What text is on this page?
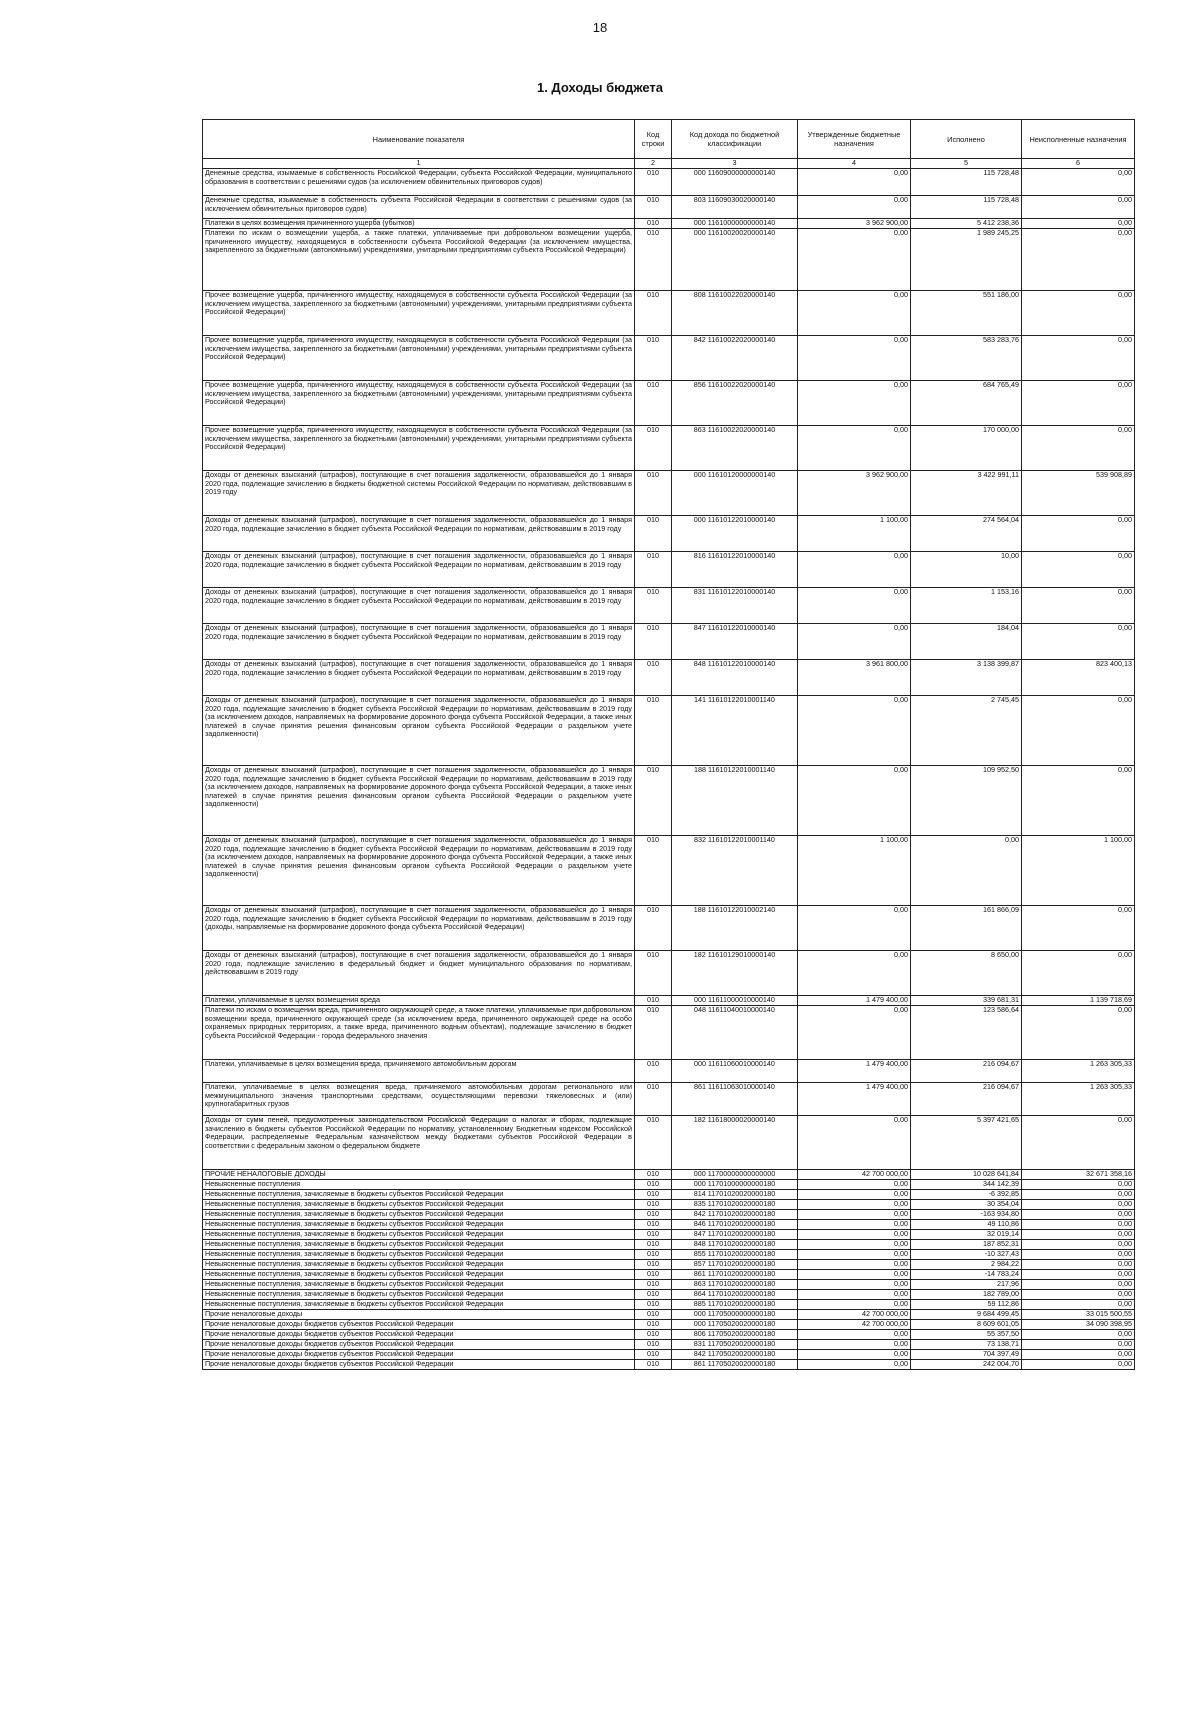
18
1. Доходы бюджета
Наименование показателя	Код строки	Код дохода по бюджетной классификации	Утвержденные бюджетные назначения	Исполнено	Неисполненные назначения
1	2	3	4	5	6
Денежные средства, изымаемые в собственность Российской Федерации, субъекта Российской Федерации, муниципального образования в соответствии с решениями судов (за исключением обвинительных приговоров судов)	010	000 11609000000000140	0,00	115 728,48	0,00
Денежные средства, изымаемые в собственность субъекта Российской Федерации в соответствии с решениями судов (за исключением обвинительных приговоров судов)	010	803 11609030020000140	0,00	115 728,48	0,00
Платежи в целях возмещения причиненного ущерба (убытков)	010	000 11610000000000140	3 962 900,00	5 412 238,36	0,00
Платежи по искам о возмещении ущерба, а также платежи, уплачиваемые при добровольном возмещении ущерба, причиненного имуществу, находящемуся в собственности субъекта Российской Федерации (за исключением имущества, закрепленного за бюджетными (автономными) учреждениями, унитарными предприятиями субъекта Российской Федерации)	010	000 11610020020000140	0,00	1 989 245,25	0,00
Прочее возмещение ущерба, причиненного имуществу, находящемуся в собственности субъекта Российской Федерации (за исключением имущества, закрепленного за бюджетными (автономными) учреждениями, унитарными предприятиями субъекта Российской Федерации)	010	808 11610022020000140	0,00	551 186,00	0,00
Прочее возмещение ущерба, причиненного имуществу, находящемуся в собственности субъекта Российской Федерации (за исключением имущества, закрепленного за бюджетными (автономными) учреждениями, унитарными предприятиями субъекта Российской Федерации)	010	842 11610022020000140	0,00	583 283,76	0,00
Прочее возмещение ущерба, причиненного имуществу, находящемуся в собственности субъекта Российской Федерации (за исключением имущества, закрепленного за бюджетными (автономными) учреждениями, унитарными предприятиями субъекта Российской Федерации)	010	856 11610022020000140	0,00	684 765,49	0,00
Прочее возмещение ущерба, причиненного имуществу, находящемуся в собственности субъекта Российской Федерации (за исключением имущества, закрепленного за бюджетными (автономными) учреждениями, унитарными предприятиями субъекта Российской Федерации)	010	863 11610022020000140	0,00	170 000,00	0,00
Доходы от денежных взысканий (штрафов), поступающие в счет погашения задолженности, образовавшейся до 1 января 2020 года, подлежащие зачислению в бюджеты бюджетной системы Российской Федерации по нормативам, действовавшим в 2019 году	010	000 11610120000000140	3 962 900,00	3 422 991,11	539 908,89
Доходы от денежных взысканий (штрафов), поступающие в счет погашения задолженности, образовавшейся до 1 января 2020 года, подлежащие зачислению в бюджет субъекта Российской Федерации по нормативам, действовавшим в 2019 году	010	000 11610122010000140	1 100,00	274 564,04	0,00
Доходы от денежных взысканий (штрафов), поступающие в счет погашения задолженности, образовавшейся до 1 января 2020 года, подлежащие зачислению в бюджет субъекта Российской Федерации по нормативам, действовавшим в 2019 году	010	816 11610122010000140	0,00	10,00	0,00
Доходы от денежных взысканий (штрафов), поступающие в счет погашения задолженности, образовавшейся до 1 января 2020 года, подлежащие зачислению в бюджет субъекта Российской Федерации по нормативам, действовавшим в 2019 году	010	831 11610122010000140	0,00	1 153,16	0,00
Доходы от денежных взысканий (штрафов), поступающие в счет погашения задолженности, образовавшейся до 1 января 2020 года, подлежащие зачислению в бюджет субъекта Российской Федерации по нормативам, действовавшим в 2019 году	010	847 11610122010000140	0,00	184,04	0,00
Доходы от денежных взысканий (штрафов), поступающие в счет погашения задолженности, образовавшейся до 1 января 2020 года, подлежащие зачислению в бюджет субъекта Российской Федерации по нормативам, действовавшим в 2019 году	010	848 11610122010000140	3 961 800,00	3 138 399,87	823 400,13
Доходы от денежных взысканий (штрафов), поступающие в счет погашения задолженности, образовавшейся до 1 января 2020 года, подлежащие зачислению в бюджет субъекта Российской Федерации по нормативам, действовавшим в 2019 году (за исключением доходов, направляемых на формирование дорожного фонда субъекта Российской Федерации, а также иных платежей в случае принятия решения финансовым органом субъекта Российской Федерации о раздельном учете задолженности)	010	141 11610122010001140	0,00	2 745,45	0,00
Доходы от денежных взысканий (штрафов), поступающие в счет погашения задолженности, образовавшейся до 1 января 2020 года, подлежащие зачислению в бюджет субъекта Российской Федерации по нормативам, действовавшим в 2019 году (за исключением доходов, направляемых на формирование дорожного фонда субъекта Российской Федерации, а также иных платежей в случае принятия решения финансовым органом субъекта Российской Федерации о раздельном учете задолженности)	010	188 11610122010001140	0,00	109 952,50	0,00
Доходы от денежных взысканий (штрафов), поступающие в счет погашения задолженности, образовавшейся до 1 января 2020 года, подлежащие зачислению в бюджет субъекта Российской Федерации по нормативам, действовавшим в 2019 году (за исключением доходов, направляемых на формирование дорожного фонда субъекта Российской Федерации, а также иных платежей в случае принятия решения финансовым органом субъекта Российской Федерации о раздельном учете задолженности)	010	832 11610122010001140	1 100,00	0,00	1 100,00
Доходы от денежных взысканий (штрафов), поступающие в счет погашения задолженности, образовавшейся до 1 января 2020 года, подлежащие зачислению в бюджет субъекта Российской Федерации по нормативам, действовавшим в 2019 году (доходы, направляемые на формирование дорожного фонда субъекта Российской Федерации)	010	188 11610122010002140	0,00	161 866,09	0,00
Доходы от денежных взысканий (штрафов), поступающие в счет погашения задолженности, образовавшейся до 1 января 2020 года, подлежащие зачислению в федеральный бюджет и бюджет муниципального образования по нормативам, действовавшим в 2019 году	010	182 11610129010000140	0,00	8 650,00	0,00
Платежи, уплачиваемые в целях возмещения вреда	010	000 11611000010000140	1 479 400,00	339 681,31	1 139 718,69
Платежи по искам о возмещении вреда, причиненного окружающей среде, а также платежи, уплачиваемые при добровольном возмещении вреда, причиненного окружающей среде (за исключением вреда, причиненного окружающей среде на особо охраняемых природных территориях, а также вреда, причиненного водным объектам), подлежащие зачислению в бюджет субъекта Российской Федерации - города федерального значения	010	048 11611040010000140	0,00	123 586,64	0,00
Платежи, уплачиваемые в целях возмещения вреда, причиняемого автомобильным дорогам	010	000 11611060010000140	1 479 400,00	216 094,67	1 263 305,33
Платежи, уплачиваемые в целях возмещения вреда, причиняемого автомобильным дорогам регионального или межмуниципального значения транспортными средствами, осуществляющими перевозки тяжеловесных и (или) крупногабаритных грузов	010	861 11611063010000140	1 479 400,00	216 094,67	1 263 305,33
Доходы от сумм пеней, предусмотренных законодательством Российской Федерации о налогах и сборах, подлежащие зачислению в бюджеты субъектов Российской Федерации по нормативу, установленному Бюджетным кодексом Российской Федерации, распределяемые Федеральным казначейством между бюджетами субъектов Российской Федерации в соответствии с федеральным законом о федеральном бюджете	010	182 11618000020000140	0,00	5 397 421,65	0,00
ПРОЧИЕ НЕНАЛОГОВЫЕ ДОХОДЫ	010	000 11700000000000000	42 700 000,00	10 028 641,84	32 671 358,16
Невыясненные поступления	010	000 11701000000000180	0,00	344 142,39	0,00
Невыясненные поступления, зачисляемые в бюджеты субъектов Российской Федерации	010	814 11701020020000180	0,00	-6 392,85	0,00
Невыясненные поступления, зачисляемые в бюджеты субъектов Российской Федерации	010	835 11701020020000180	0,00	30 354,04	0,00
Невыясненные поступления, зачисляемые в бюджеты субъектов Российской Федерации	010	842 11701020020000180	0,00	-163 934,80	0,00
Невыясненные поступления, зачисляемые в бюджеты субъектов Российской Федерации	010	846 11701020020000180	0,00	49 110,86	0,00
Невыясненные поступления, зачисляемые в бюджеты субъектов Российской Федерации	010	847 11701020020000180	0,00	32 019,14	0,00
Невыясненные поступления, зачисляемые в бюджеты субъектов Российской Федерации	010	848 11701020020000180	0,00	187 852,31	0,00
Невыясненные поступления, зачисляемые в бюджеты субъектов Российской Федерации	010	855 11701020020000180	0,00	-10 327,43	0,00
Невыясненные поступления, зачисляемые в бюджеты субъектов Российской Федерации	010	857 11701020020000180	0,00	2 984,22	0,00
Невыясненные поступления, зачисляемые в бюджеты субъектов Российской Федерации	010	861 11701020020000180	0,00	-14 783,24	0,00
Невыясненные поступления, зачисляемые в бюджеты субъектов Российской Федерации	010	863 11701020020000180	0,00	217,96	0,00
Невыясненные поступления, зачисляемые в бюджеты субъектов Российской Федерации	010	864 11701020020000180	0,00	182 789,00	0,00
Невыясненные поступления, зачисляемые в бюджеты субъектов Российской Федерации	010	885 11701020020000180	0,00	59 112,86	0,00
Прочие неналоговые доходы	010	000 11705000000000180	42 700 000,00	9 684 499,45	33 015 500,55
Прочие неналоговые доходы бюджетов субъектов Российской Федерации	010	000 11705020020000180	42 700 000,00	8 609 601,05	34 090 398,95
Прочие неналоговые доходы бюджетов субъектов Российской Федерации	010	806 11705020020000180	0,00	55 357,50	0,00
Прочие неналоговые доходы бюджетов субъектов Российской Федерации	010	831 11705020020000180	0,00	73 138,71	0,00
Прочие неналоговые доходы бюджетов субъектов Российской Федерации	010	842 11705020020000180	0,00	704 397,49	0,00
Прочие неналоговые доходы бюджетов субъектов Российской Федерации	010	861 11705020020000180	0,00	242 004,70	0,00
